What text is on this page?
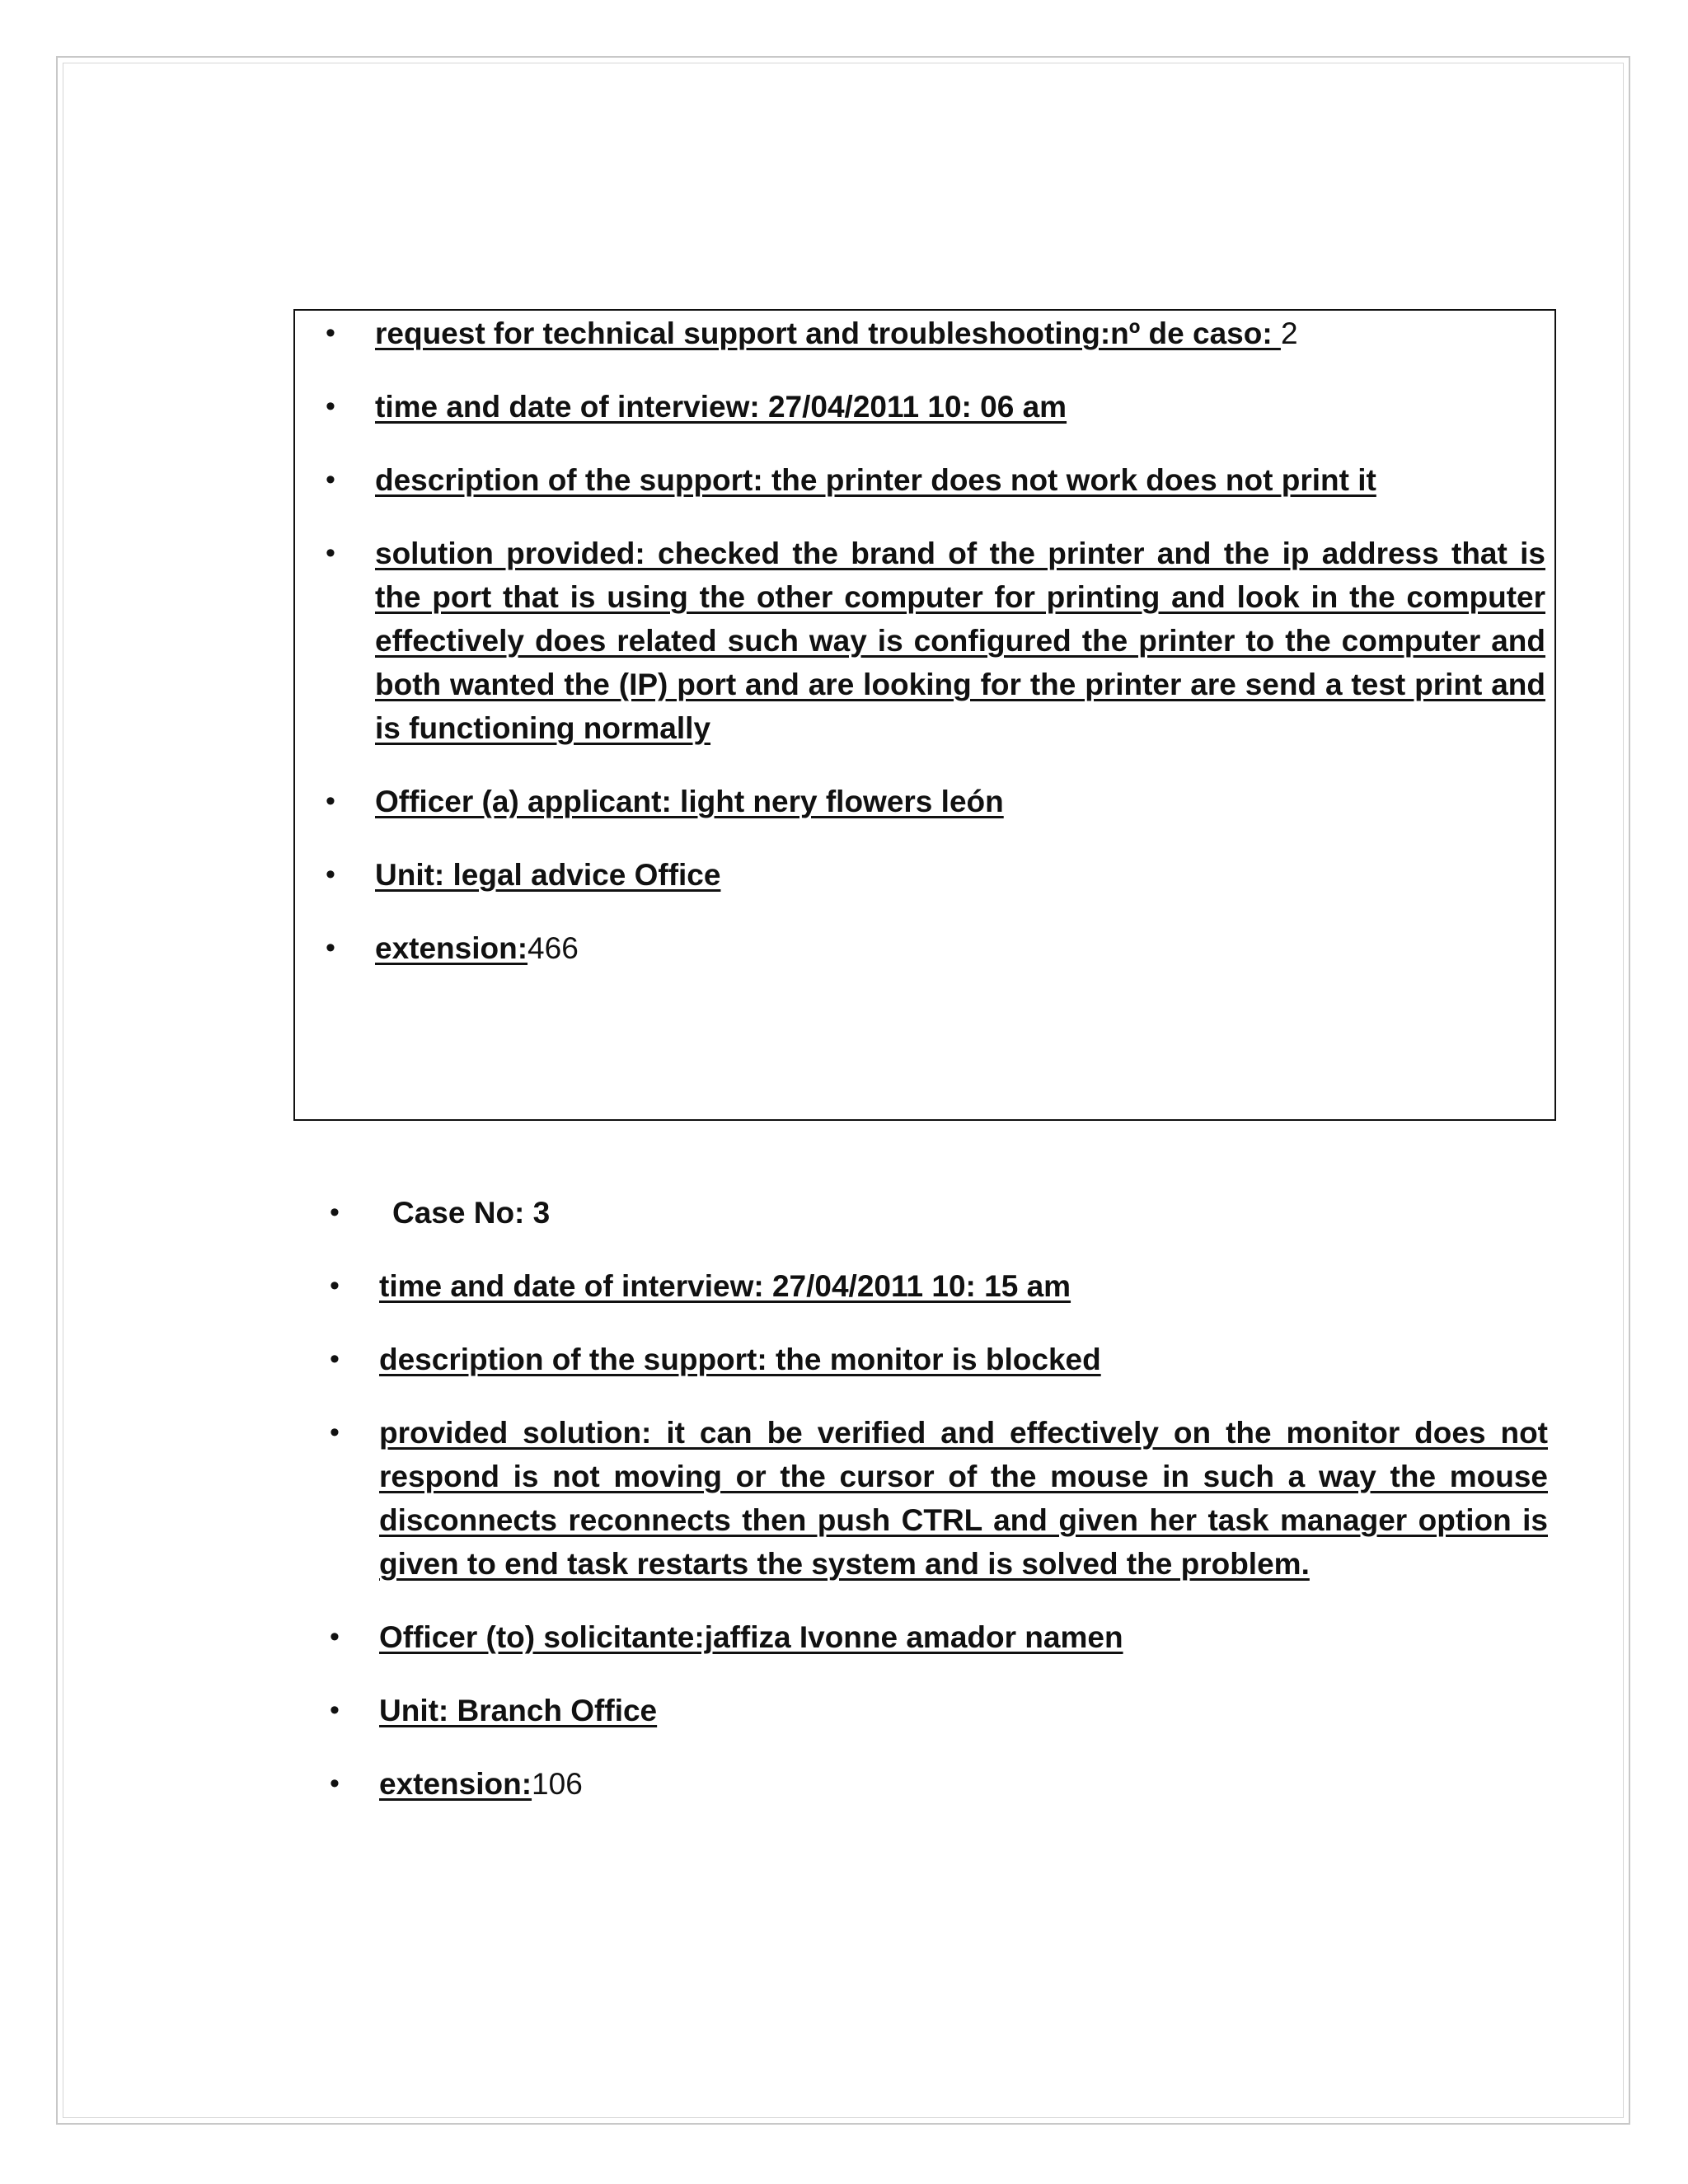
• request for technical support and troubleshooting:nº de caso: 2
• time and date of interview: 27/04/2011 10: 06 am
• description of the support: the printer does not work does not print it
• solution provided: checked the brand of the printer and the ip address that is the port that is using the other computer for printing and look in the computer effectively does related such way is configured the printer to the computer and both wanted the (IP) port and are looking for the printer are send a test print and is functioning normally
• Officer (a) applicant: light nery flowers león
• Unit: legal advice Office
• extension:466
• Case No: 3
• time and date of interview: 27/04/2011 10: 15 am
• description of the support: the monitor is blocked
• provided solution: it can be verified and effectively on the monitor does not respond is not moving or the cursor of the mouse in such a way the mouse disconnects reconnects then push CTRL and given her task manager option is given to end task restarts the system and is solved the problem.
• Officer (to) solicitante:jaffiza Ivonne amador namen
• Unit: Branch Office
• extension:106
